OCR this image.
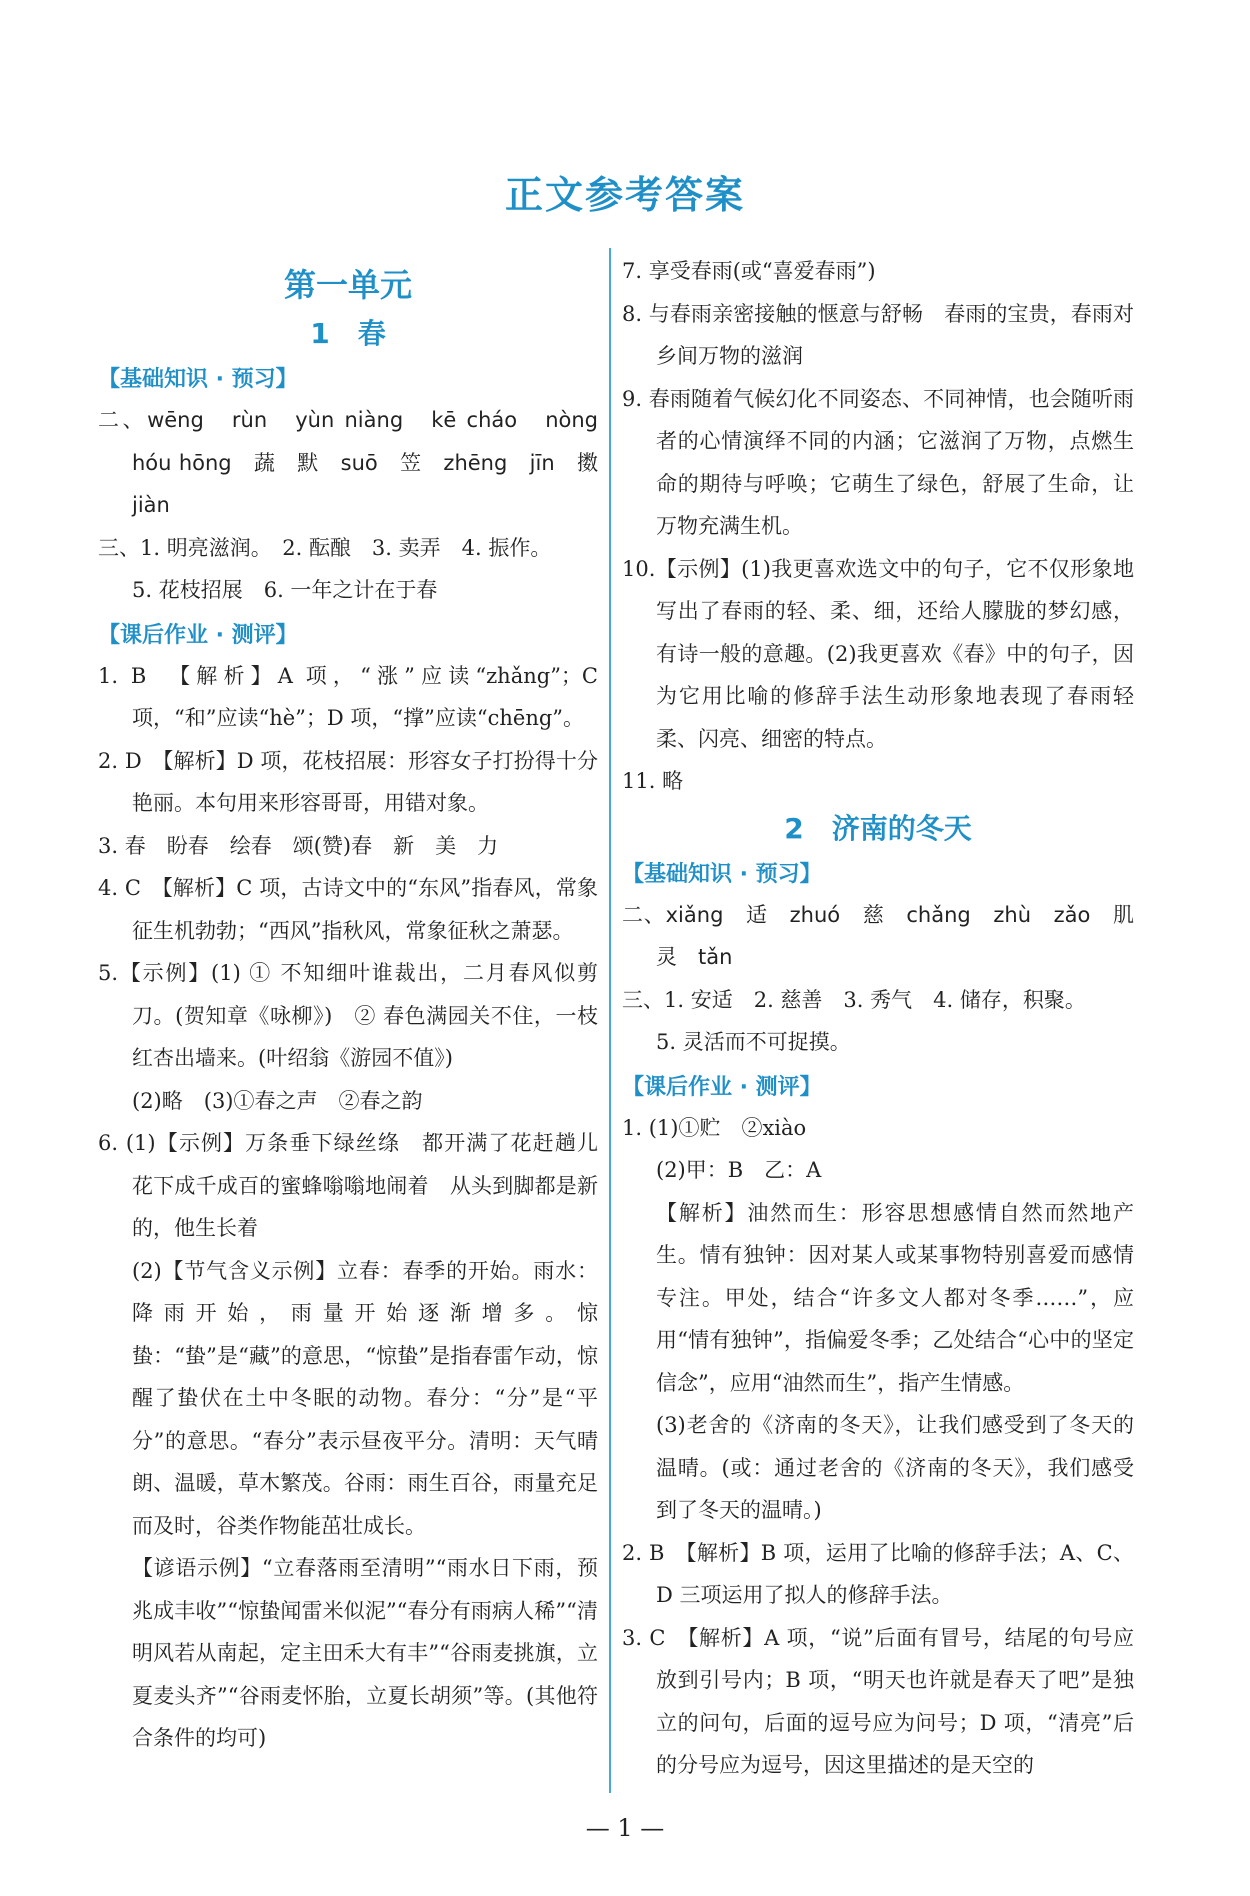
正文参考答案
第一单元
1　春
【基础知识 · 预习】
二、wēng　rùn　yùn niàng　kē cháo　nòng　hóu hōng　蔬　默　suō　笠　zhēng　jīn　擞　jiàn
三、1. 明亮滋润。　2. 酝酿　3. 卖弄　4. 振作。
5. 花枝招展　6. 一年之计在于春
【课后作业 · 测评】
1. B　【解析】A 项，“涨”应读“zhǎng”；C 项，“和”应读“hè”；D 项，“撑”应读“chēng”。
2. D　【解析】D 项，花枝招展：形容女子打扮得十分艳丽。本句用来形容哥哥，用错对象。
3. 春　盼春　绘春　颂(赞)春　新　美　力
4. C　【解析】C 项，古诗文中的“东风”指春风，常象征生机勃勃；“西风”指秋风，常象征秋之萧瑟。
5.【示例】(1) ① 不知细叶谁裁出，二月春风似剪刀。(贺知章《咏柳》)　② 春色满园关不住，一枝红杏出墙来。(叶绍翁《游园不值》)
(2)略　(3)①春之声　②春之韵
6. (1)【示例】万条垂下绿丝绦　都开满了花赶趟儿　花下成千成百的蜜蜂嗡嗡地闹着　从头到脚都是新的，他生长着
(2)【节气含义示例】立春：春季的开始。雨水：降雨开始，雨量开始逐渐增多。惊蛰：“蛰”是“藏”的意思，“惊蛰”是指春雷乍动，惊醒了蛰伏在土中冬眠的动物。春分：“分”是“平分”的意思。“春分”表示昼夜平分。清明：天气晴朗、温暖，草木繁茂。谷雨：雨生百谷，雨量充足而及时，谷类作物能茁壮成长。
【谚语示例】“立春落雨至清明”“雨水日下雨，预兆成丰收”“惊蛰闻雷米似泥”“春分有雨病人稀”“清明风若从南起，定主田禾大有丰”“谷雨麦挑旗，立夏麦头齐”“谷雨麦怀胎，立夏长胡须”等。(其他符合条件的均可)
7. 享受春雨(或“喜爱春雨”)
8. 与春雨亲密接触的惬意与舒畅　春雨的宝贵，春雨对乡间万物的滋润
9. 春雨随着气候幻化不同姿态、不同神情，也会随听雨者的心情演绎不同的内涵；它滋润了万物，点燃生命的期待与呼唤；它萌生了绿色，舒展了生命，让万物充满生机。
10.【示例】(1)我更喜欢选文中的句子，它不仅形象地写出了春雨的轻、柔、细，还给人朦胧的梦幻感，有诗一般的意趣。(2)我更喜欢《春》中的句子，因为它用比喻的修辞手法生动形象地表现了春雨轻柔、闪亮、细密的特点。
11. 略
2　济南的冬天
【基础知识 · 预习】
二、xiǎng　适　zhuó　慈　chǎng　zhù　zǎo　肌　灵　tǎn
三、1. 安适　2. 慈善　3. 秀气　4. 储存，积聚。
5. 灵活而不可捉摸。
【课后作业 · 测评】
1. (1)①贮　②xiào
(2)甲：B　乙：A
【解析】油然而生：形容思想感情自然而然地产生。情有独钟：因对某人或某事物特别喜爱而感情专注。甲处，结合“许多文人都对冬季……”，应用“情有独钟”，指偏爱冬季；乙处结合“心中的坚定信念”，应用“油然而生”，指产生情感。
(3)老舍的《济南的冬天》，让我们感受到了冬天的温晴。(或：通过老舍的《济南的冬天》，我们感受到了冬天的温晴。)
2. B　【解析】B 项，运用了比喻的修辞手法；A、C、D 三项运用了拟人的修辞手法。
3. C　【解析】A 项，“说”后面有冒号，结尾的句号应放到引号内；B 项，“明天也许就是春天了吧”是独立的问句，后面的逗号应为问号；D 项，“清亮”后的分号应为逗号，因这里描述的是天空的
— 1 —
